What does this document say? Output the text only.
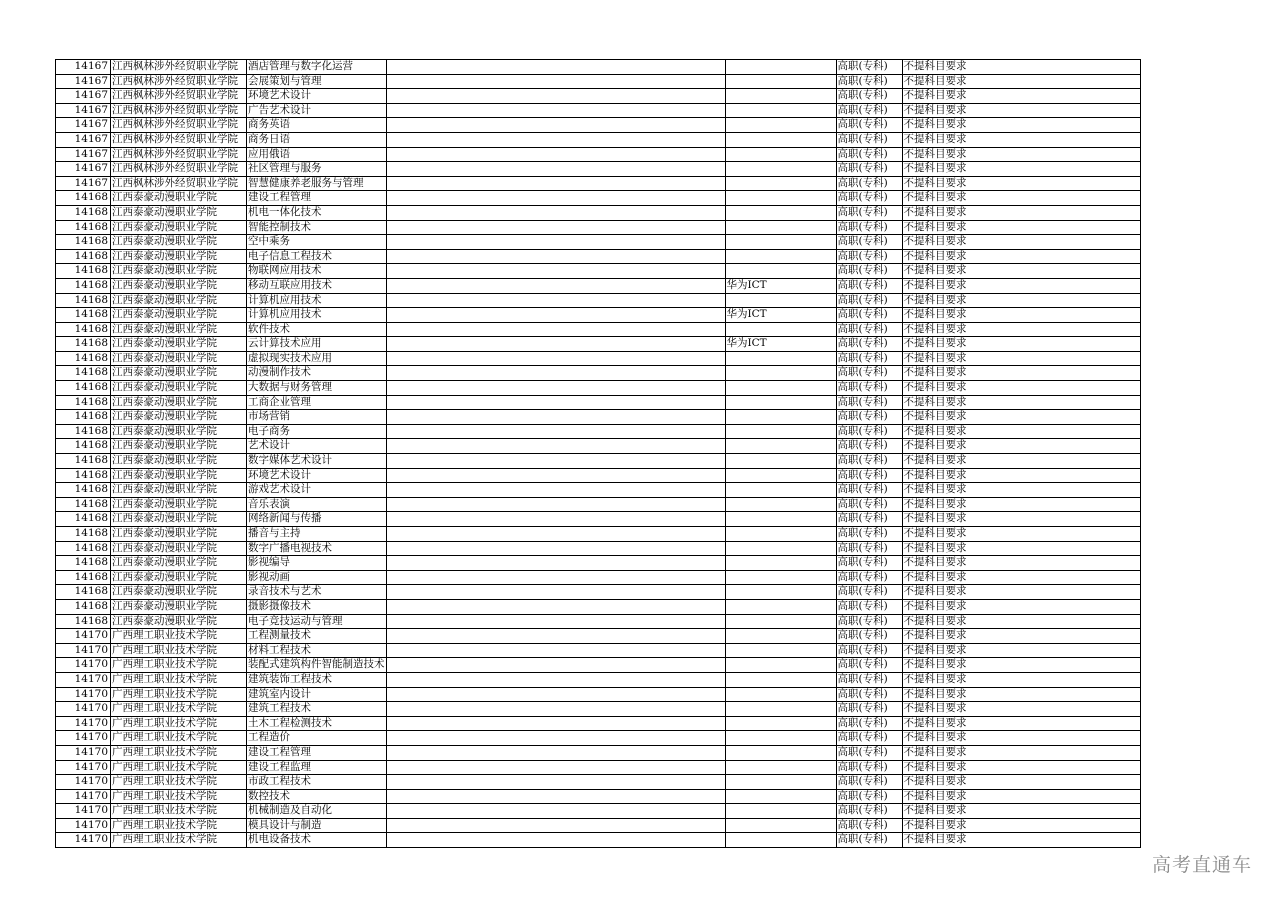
14167	江西枫林涉外经贸职业学院	酒店管理与数字化运营			高职(专科)	不提科目要求
14167	江西枫林涉外经贸职业学院	会展策划与管理			高职(专科)	不提科目要求
14167	江西枫林涉外经贸职业学院	环境艺术设计			高职(专科)	不提科目要求
14167	江西枫林涉外经贸职业学院	广告艺术设计			高职(专科)	不提科目要求
14167	江西枫林涉外经贸职业学院	商务英语			高职(专科)	不提科目要求
14167	江西枫林涉外经贸职业学院	商务日语			高职(专科)	不提科目要求
14167	江西枫林涉外经贸职业学院	应用俄语			高职(专科)	不提科目要求
14167	江西枫林涉外经贸职业学院	社区管理与服务			高职(专科)	不提科目要求
14167	江西枫林涉外经贸职业学院	智慧健康养老服务与管理			高职(专科)	不提科目要求
14168	江西泰豪动漫职业学院	建设工程管理			高职(专科)	不提科目要求
14168	江西泰豪动漫职业学院	机电一体化技术			高职(专科)	不提科目要求
14168	江西泰豪动漫职业学院	智能控制技术			高职(专科)	不提科目要求
14168	江西泰豪动漫职业学院	空中乘务			高职(专科)	不提科目要求
14168	江西泰豪动漫职业学院	电子信息工程技术			高职(专科)	不提科目要求
14168	江西泰豪动漫职业学院	物联网应用技术			高职(专科)	不提科目要求
14168	江西泰豪动漫职业学院	移动互联应用技术		华为ICT	高职(专科)	不提科目要求
14168	江西泰豪动漫职业学院	计算机应用技术			高职(专科)	不提科目要求
14168	江西泰豪动漫职业学院	计算机应用技术		华为ICT	高职(专科)	不提科目要求
14168	江西泰豪动漫职业学院	软件技术			高职(专科)	不提科目要求
14168	江西泰豪动漫职业学院	云计算技术应用		华为ICT	高职(专科)	不提科目要求
14168	江西泰豪动漫职业学院	虚拟现实技术应用			高职(专科)	不提科目要求
14168	江西泰豪动漫职业学院	动漫制作技术			高职(专科)	不提科目要求
14168	江西泰豪动漫职业学院	大数据与财务管理			高职(专科)	不提科目要求
14168	江西泰豪动漫职业学院	工商企业管理			高职(专科)	不提科目要求
14168	江西泰豪动漫职业学院	市场营销			高职(专科)	不提科目要求
14168	江西泰豪动漫职业学院	电子商务			高职(专科)	不提科目要求
14168	江西泰豪动漫职业学院	艺术设计			高职(专科)	不提科目要求
14168	江西泰豪动漫职业学院	数字媒体艺术设计			高职(专科)	不提科目要求
14168	江西泰豪动漫职业学院	环境艺术设计			高职(专科)	不提科目要求
14168	江西泰豪动漫职业学院	游戏艺术设计			高职(专科)	不提科目要求
14168	江西泰豪动漫职业学院	音乐表演			高职(专科)	不提科目要求
14168	江西泰豪动漫职业学院	网络新闻与传播			高职(专科)	不提科目要求
14168	江西泰豪动漫职业学院	播音与主持			高职(专科)	不提科目要求
14168	江西泰豪动漫职业学院	数字广播电视技术			高职(专科)	不提科目要求
14168	江西泰豪动漫职业学院	影视编导			高职(专科)	不提科目要求
14168	江西泰豪动漫职业学院	影视动画			高职(专科)	不提科目要求
14168	江西泰豪动漫职业学院	录音技术与艺术			高职(专科)	不提科目要求
14168	江西泰豪动漫职业学院	摄影摄像技术			高职(专科)	不提科目要求
14168	江西泰豪动漫职业学院	电子竞技运动与管理			高职(专科)	不提科目要求
14170	广西理工职业技术学院	工程测量技术			高职(专科)	不提科目要求
14170	广西理工职业技术学院	材料工程技术			高职(专科)	不提科目要求
14170	广西理工职业技术学院	装配式建筑构件智能制造技术			高职(专科)	不提科目要求
14170	广西理工职业技术学院	建筑装饰工程技术			高职(专科)	不提科目要求
14170	广西理工职业技术学院	建筑室内设计			高职(专科)	不提科目要求
14170	广西理工职业技术学院	建筑工程技术			高职(专科)	不提科目要求
14170	广西理工职业技术学院	土木工程检测技术			高职(专科)	不提科目要求
14170	广西理工职业技术学院	工程造价			高职(专科)	不提科目要求
14170	广西理工职业技术学院	建设工程管理			高职(专科)	不提科目要求
14170	广西理工职业技术学院	建设工程监理			高职(专科)	不提科目要求
14170	广西理工职业技术学院	市政工程技术			高职(专科)	不提科目要求
14170	广西理工职业技术学院	数控技术			高职(专科)	不提科目要求
14170	广西理工职业技术学院	机械制造及自动化			高职(专科)	不提科目要求
14170	广西理工职业技术学院	模具设计与制造			高职(专科)	不提科目要求
14170	广西理工职业技术学院	机电设备技术			高职(专科)	不提科目要求
高考直通车
